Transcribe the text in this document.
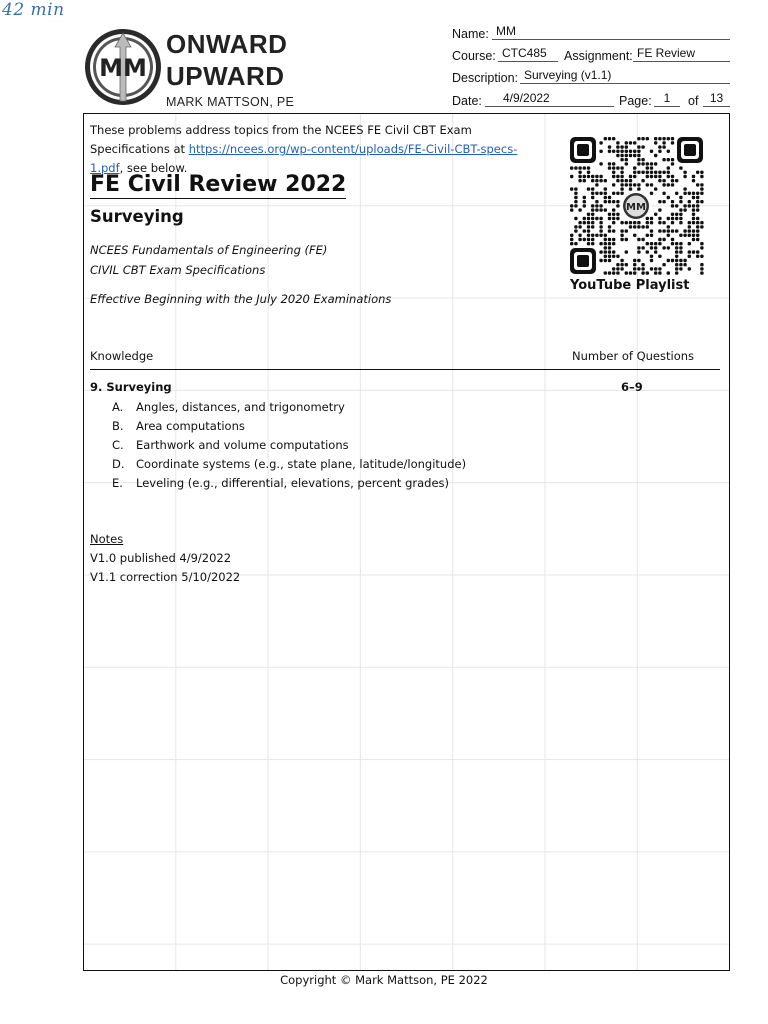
42 min
MM
ONWARD
UPWARD
MARK MATTSON, PE
Name: MM
Course: CTC485	Assignment: FE Review
Description: Surveying (v1.1)
Date:	4/9/2022	Page: 1	of 13
These problems address topics from the NCEES FE Civil CBT Exam Specifications at https://ncees.org/wp-content/uploads/FE-Civil-CBT-specs-1.pdf, see below.
FE Civil Review 2022
Surveying
NCEES Fundamentals of Engineering (FE)
CIVIL CBT Exam Specifications
Effective Beginning with the July 2020 Examinations
MM
YouTube Playlist
Knowledge	Number of Questions
9. Surveying	6–9
A. Angles, distances, and trigonometry
B. Area computations
C. Earthwork and volume computations
D. Coordinate systems (e.g., state plane, latitude/longitude)
E. Leveling (e.g., differential, elevations, percent grades)
Notes
V1.0 published 4/9/2022
V1.1 correction 5/10/2022
Copyright © Mark Mattson, PE 2022
